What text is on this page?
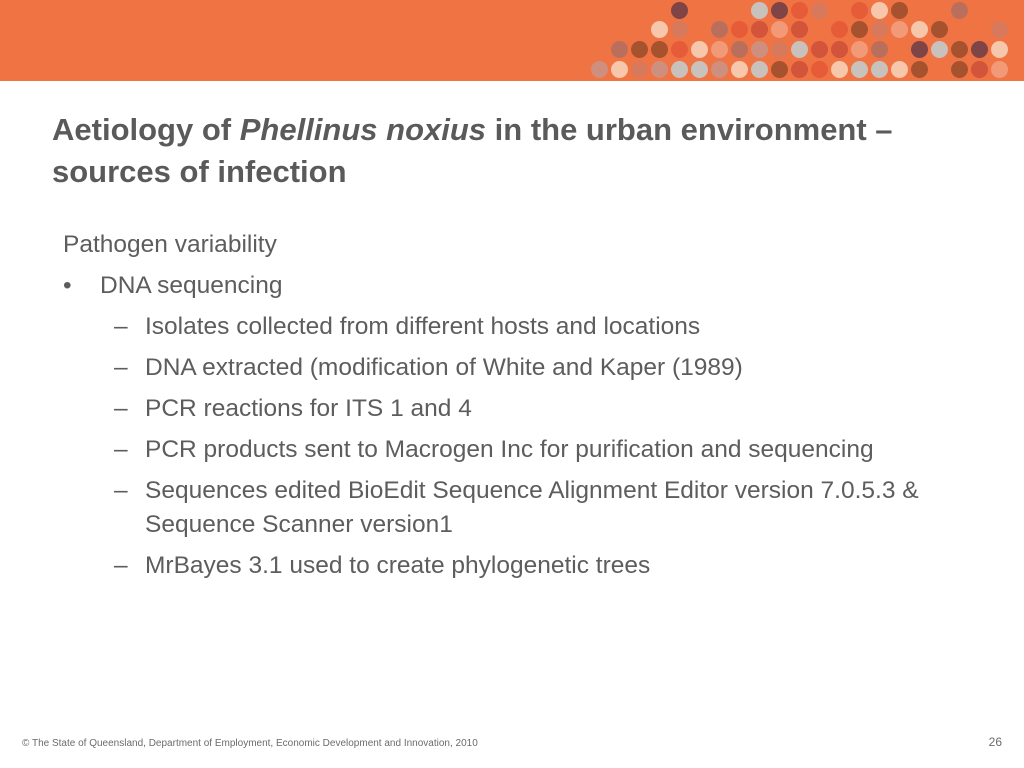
Aetiology of Phellinus noxius in the urban environment – sources of infection
Pathogen variability
• DNA sequencing
– Isolates collected from different hosts and locations
– DNA extracted (modification of White and Kaper (1989)
– PCR reactions for ITS 1 and 4
– PCR products sent to Macrogen Inc for purification and sequencing
– Sequences edited BioEdit Sequence Alignment Editor version 7.0.5.3 & Sequence Scanner version1
– MrBayes 3.1 used to create phylogenetic trees
© The State of Queensland, Department of Employment, Economic Development and Innovation, 2010	26
